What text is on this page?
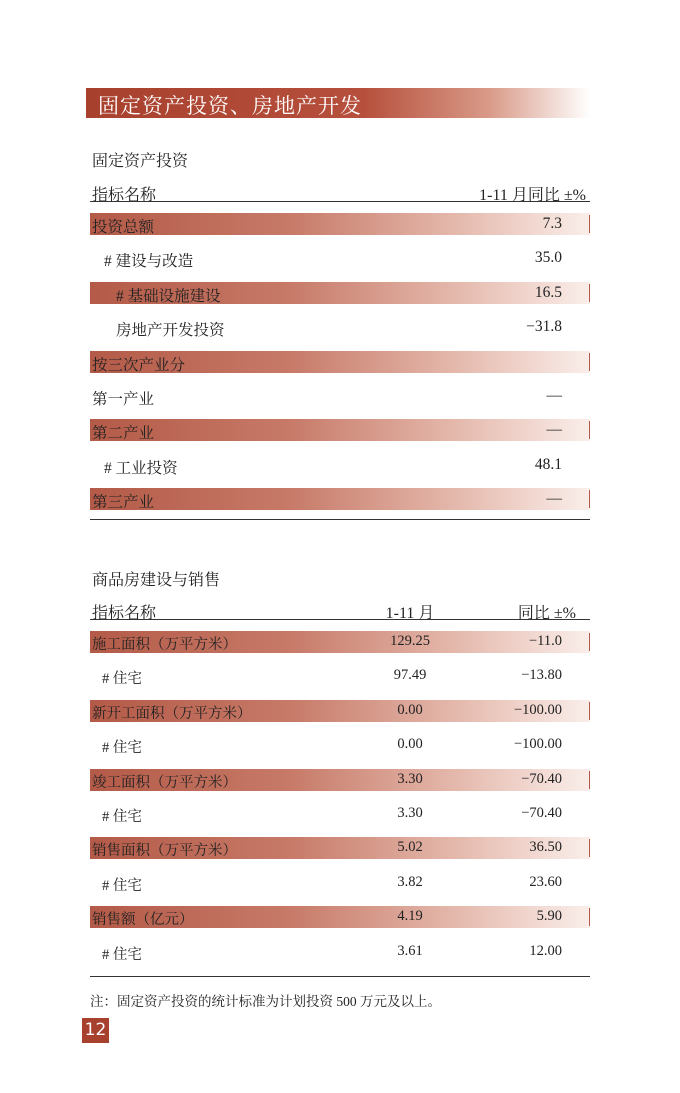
固定资产投资、房地产开发
固定资产投资
指标名称	1-11 月同比 ±%
投资总额	7.3
# 建设与改造	35.0
# 基础设施建设	16.5
房地产开发投资	−31.8
按三次产业分
第一产业	—
第二产业	—
# 工业投资	48.1
第三产业	—
商品房建设与销售
指标名称	1-11 月	同比 ±%
施工面积（万平方米）	129.25	−11.0
# 住宅	97.49	−13.80
新开工面积（万平方米）	0.00	−100.00
# 住宅	0.00	−100.00
竣工面积（万平方米）	3.30	−70.40
# 住宅	3.30	−70.40
销售面积（万平方米）	5.02	36.50
# 住宅	3.82	23.60
销售额（亿元）	4.19	5.90
# 住宅	3.61	12.00
注：固定资产投资的统计标准为计划投资 500 万元及以上。
12
